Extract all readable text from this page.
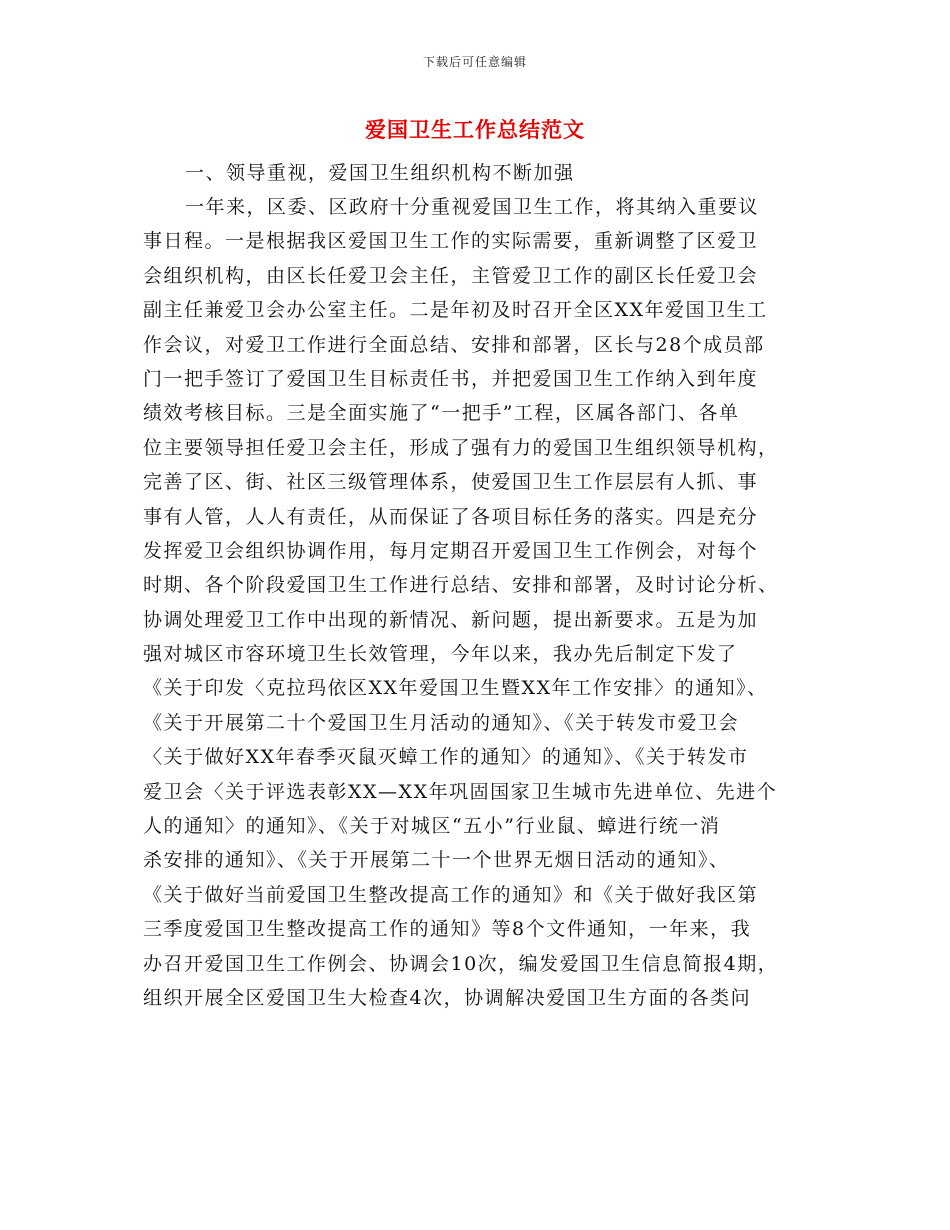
下载后可任意编辑
爱国卫生工作总结范文
一、领导重视，爱国卫生组织机构不断加强
一年来，区委、区政府十分重视爱国卫生工作，将其纳入重要议
事日程。一是根据我区爱国卫生工作的实际需要，重新调整了区爱卫
会组织机构，由区长任爱卫会主任，主管爱卫工作的副区长任爱卫会
副主任兼爱卫会办公室主任。二是年初及时召开全区XX年爱国卫生工
作会议，对爱卫工作进行全面总结、安排和部署，区长与28个成员部
门一把手签订了爱国卫生目标责任书，并把爱国卫生工作纳入到年度
绩效考核目标。三是全面实施了“一把手”工程，区属各部门、各单
位主要领导担任爱卫会主任，形成了强有力的爱国卫生组织领导机构，
完善了区、街、社区三级管理体系，使爱国卫生工作层层有人抓、事
事有人管，人人有责任，从而保证了各项目标任务的落实。四是充分
发挥爱卫会组织协调作用，每月定期召开爱国卫生工作例会，对每个
时期、各个阶段爱国卫生工作进行总结、安排和部署，及时讨论分析、
协调处理爱卫工作中出现的新情况、新问题，提出新要求。五是为加
强对城区市容环境卫生长效管理，今年以来，我办先后制定下发了
《关于印发〈克拉玛依区XX年爱国卫生暨XX年工作安排〉的通知》、
《关于开展第二十个爱国卫生月活动的通知》、《关于转发市爱卫会
〈关于做好XX年春季灭鼠灭蟑工作的通知〉的通知》、《关于转发市
爱卫会〈关于评选表彰XX—XX年巩固国家卫生城市先进单位、先进个
人的通知〉的通知》、《关于对城区“五小”行业鼠、蟑进行统一消
杀安排的通知》、《关于开展第二十一个世界无烟日活动的通知》、
《关于做好当前爱国卫生整改提高工作的通知》和《关于做好我区第
三季度爱国卫生整改提高工作的通知》等8个文件通知，一年来，我
办召开爱国卫生工作例会、协调会10次，编发爱国卫生信息简报4期，
组织开展全区爱国卫生大检查4次，协调解决爱国卫生方面的各类问
